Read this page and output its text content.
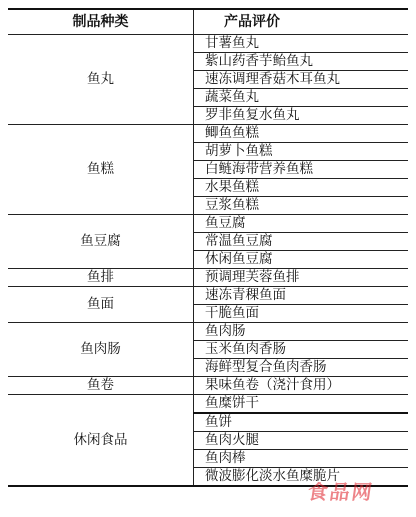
制品种类	产品评价
鱼丸	甘薯鱼丸
	紫山药香芋鲐鱼丸
	速冻调理香菇木耳鱼丸
	蔬菜鱼丸
	罗非鱼复水鱼丸
鱼糕	鲫鱼鱼糕
	胡萝卜鱼糕
	白鲢海带营养鱼糕
	水果鱼糕
	豆浆鱼糕
鱼豆腐	鱼豆腐
	常温鱼豆腐
	休闲鱼豆腐
鱼排	预调理芙蓉鱼排
鱼面	速冻青稞鱼面
	干脆鱼面
鱼肉肠	鱼肉肠
	玉米鱼肉香肠
	海鲜型复合鱼肉香肠
鱼卷	果味鱼卷（浇汁食用）
休闲食品	鱼糜饼干
	鱼饼
	鱼肉火腿
	鱼肉棒
	微波膨化淡水鱼糜脆片
食品网
